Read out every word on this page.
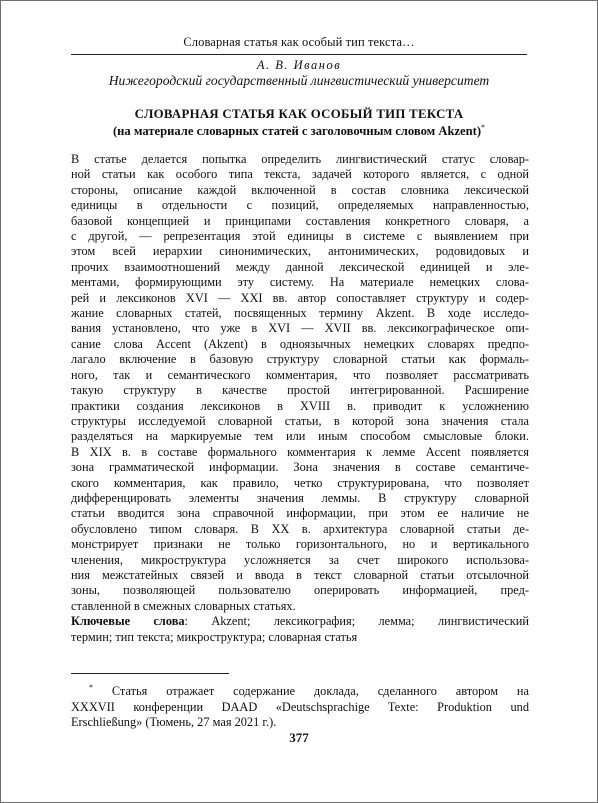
Словарная статья как особый тип текста…
А. В. Иванов
Нижегородский государственный лингвистический университет
СЛОВАРНАЯ СТАТЬЯ КАК ОСОБЫЙ ТИП ТЕКСТА
(на материале словарных статей с заголовочным словом Akzent)*
В статье делается попытка определить лингвистический статус словар-
ной статьи как особого типа текста, задачей которого является, с одной
стороны, описание каждой включенной в состав словника лексической
единицы в отдельности с позиций, определяемых направленностью,
базовой концепцией и принципами составления конкретного словаря, а
с другой, — репрезентация этой единицы в системе с выявлением при
этом всей иерархии синонимических, антонимических, родовидовых и
прочих взаимоотношений между данной лексической единицей и эле-
ментами, формирующими эту систему. На материале немецких слова-
рей и лексиконов XVI — XXI вв. автор сопоставляет структуру и содер-
жание словарных статей, посвященных термину Akzent. В ходе исследо-
вания установлено, что уже в XVI — XVII вв. лексикографическое опи-
сание слова Accent (Akzent) в одноязычных немецких словарях предпо-
лагало включение в базовую структуру словарной статьи как формаль-
ного, так и семантического комментария, что позволяет рассматривать
такую структуру в качестве простой интегрированной. Расширение
практики создания лексиконов в XVIII в. приводит к усложнению
структуры исследуемой словарной статьи, в которой зона значения стала
разделяться на маркируемые тем или иным способом смысловые блоки.
В XIX в. в составе формального комментария к лемме Accent появляется
зона грамматической информации. Зона значения в составе семантиче-
ского комментария, как правило, четко структурирована, что позволяет
дифференцировать элементы значения леммы. В структуру словарной
статьи вводится зона справочной информации, при этом ее наличие не
обусловлено типом словаря. В XX в. архитектура словарной статьи де-
монстрирует признаки не только горизонтального, но и вертикального
членения, микроструктура усложняется за счет широкого использова-
ния межстатейных связей и ввода в текст словарной статьи отсылочной
зоны, позволяющей пользователю оперировать информацией, пред-
ставленной в смежных словарных статьях.
Ключевые слова: Akzent; лексикография; лемма; лингвистический
термин; тип текста; микроструктура; словарная статья
* Статья отражает содержание доклада, сделанного автором на
XXXVII конференции DAAD «Deutschsprachige Texte: Produktion und
Erschließung» (Тюмень, 27 мая 2021 г.).
377
